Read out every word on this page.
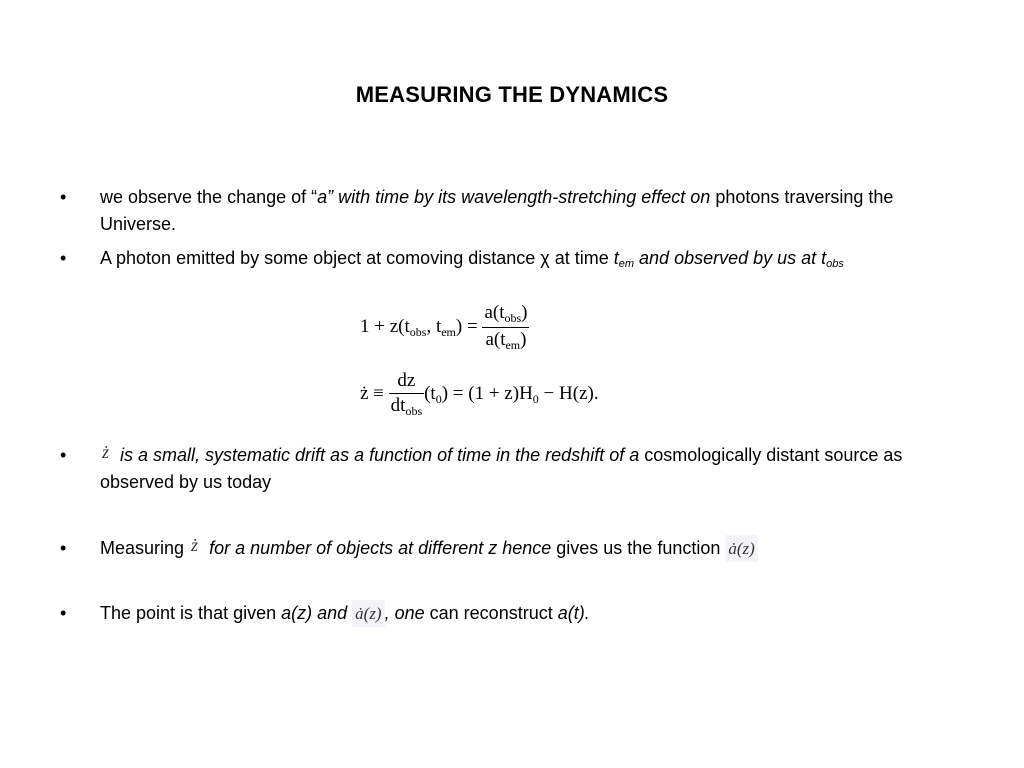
MEASURING THE DYNAMICS
• we observe the change of “a” with time by its wavelength-stretching effect on photons traversing the Universe.
• A photon emitted by some object at comoving distance χ at time tem and observed by us at tobs
$1 + z(t_{obs}$, $t_{em}) = \frac{a(t_{obs})}{a(t_{em})}$
ż ≡ $\frac{dz}{dt_{obs}} (t_0) = (1 + z)H_0 - H(z)$.
• ż is a small, systematic drift as a function of time in the redshift of a cosmologically distant source as observed by us today
• Measuring ż for a number of objects at different z hence gives us the function ȧ(z)
• The point is that given a(z) and ȧ(z) , one can reconstruct a(t).
